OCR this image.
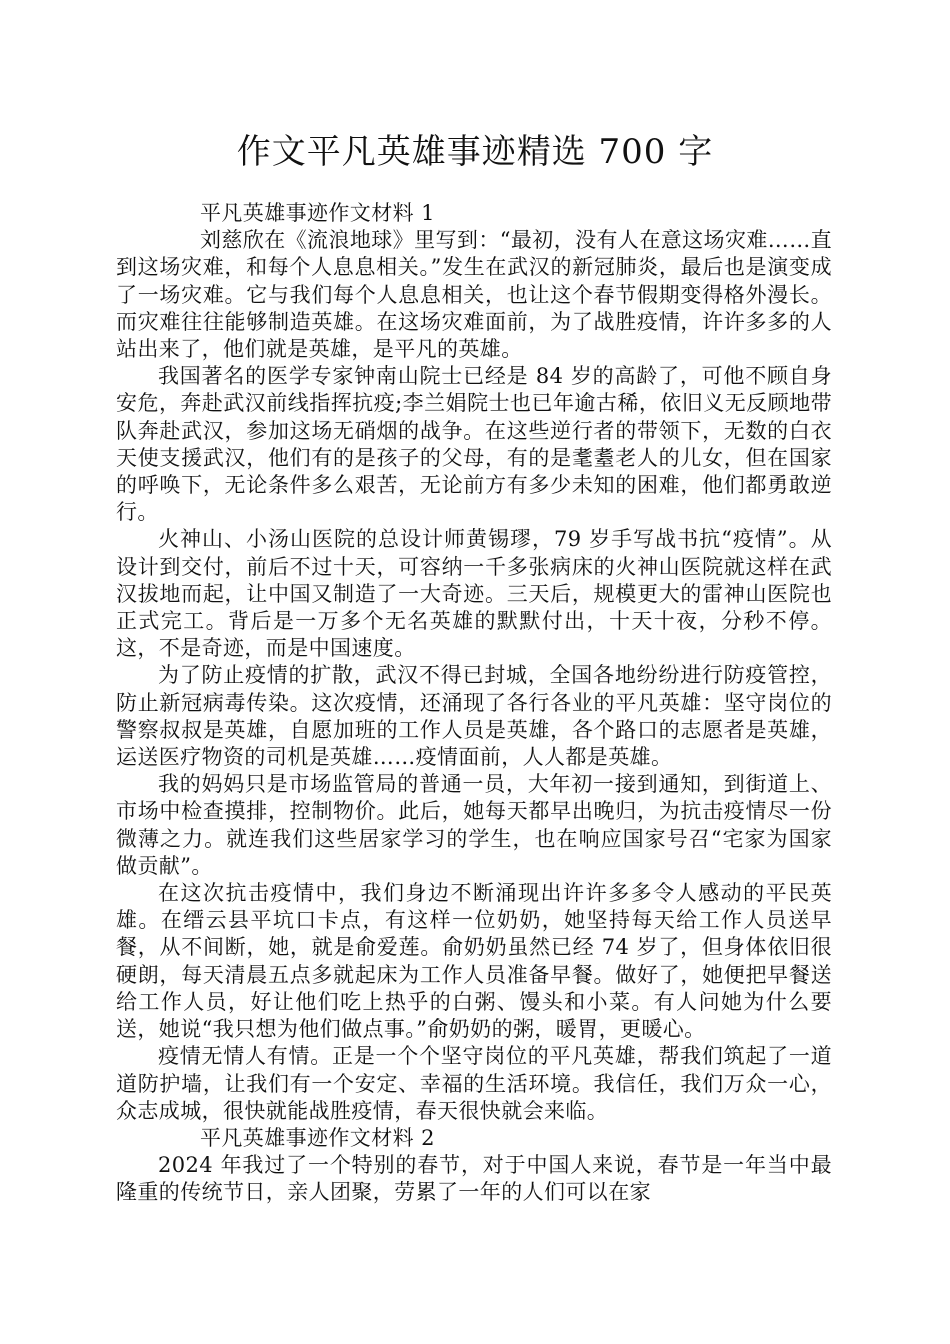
作文平凡英雄事迹精选 700 字

平凡英雄事迹作文材料 1

刘慈欣在《流浪地球》里写到：“最初，没有人在意这场灾难……直到这场灾难，和每个人息息相关。”发生在武汉的新冠肺炎，最后也是演变成了一场灾难。它与我们每个人息息相关，也让这个春节假期变得格外漫长。而灾难往往能够制造英雄。在这场灾难面前，为了战胜疫情，许许多多的人站出来了，他们就是英雄，是平凡的英雄。

我国著名的医学专家钟南山院士已经是 84 岁的高龄了，可他不顾自身安危，奔赴武汉前线指挥抗疫;李兰娟院士也已年逾古稀，依旧义无反顾地带队奔赴武汉，参加这场无硝烟的战争。在这些逆行者的带领下，无数的白衣天使支援武汉，他们有的是孩子的父母，有的是耄耋老人的儿女，但在国家的呼唤下，无论条件多么艰苦，无论前方有多少未知的困难，他们都勇敢逆行。

火神山、小汤山医院的总设计师黄锡璆，79 岁手写战书抗“疫情”。从设计到交付，前后不过十天，可容纳一千多张病床的火神山医院就这样在武汉拔地而起，让中国又制造了一大奇迹。三天后，规模更大的雷神山医院也正式完工。背后是一万多个无名英雄的默默付出，十天十夜，分秒不停。这，不是奇迹，而是中国速度。

为了防止疫情的扩散，武汉不得已封城，全国各地纷纷进行防疫管控，防止新冠病毒传染。这次疫情，还涌现了各行各业的平凡英雄：坚守岗位的警察叔叔是英雄，自愿加班的工作人员是英雄，各个路口的志愿者是英雄，运送医疗物资的司机是英雄……疫情面前，人人都是英雄。

我的妈妈只是市场监管局的普通一员，大年初一接到通知，到街道上、市场中检查摸排，控制物价。此后，她每天都早出晚归，为抗击疫情尽一份微薄之力。就连我们这些居家学习的学生，也在响应国家号召“宅家为国家做贡献”。

在这次抗击疫情中，我们身边不断涌现出许许多多令人感动的平民英雄。在缙云县平坑口卡点，有这样一位奶奶，她坚持每天给工作人员送早餐，从不间断，她，就是俞爱莲。俞奶奶虽然已经 74 岁了，但身体依旧很硬朗，每天清晨五点多就起床为工作人员准备早餐。做好了，她便把早餐送给工作人员，好让他们吃上热乎的白粥、馒头和小菜。有人问她为什么要送，她说“我只想为他们做点事。”俞奶奶的粥，暖胃，更暖心。

疫情无情人有情。正是一个个坚守岗位的平凡英雄，帮我们筑起了一道道防护墙，让我们有一个安定、幸福的生活环境。我信任，我们万众一心，众志成城，很快就能战胜疫情，春天很快就会来临。

平凡英雄事迹作文材料 2

2024 年我过了一个特别的春节，对于中国人来说，春节是一年当中最隆重的传统节日，亲人团聚，劳累了一年的人们可以在家
